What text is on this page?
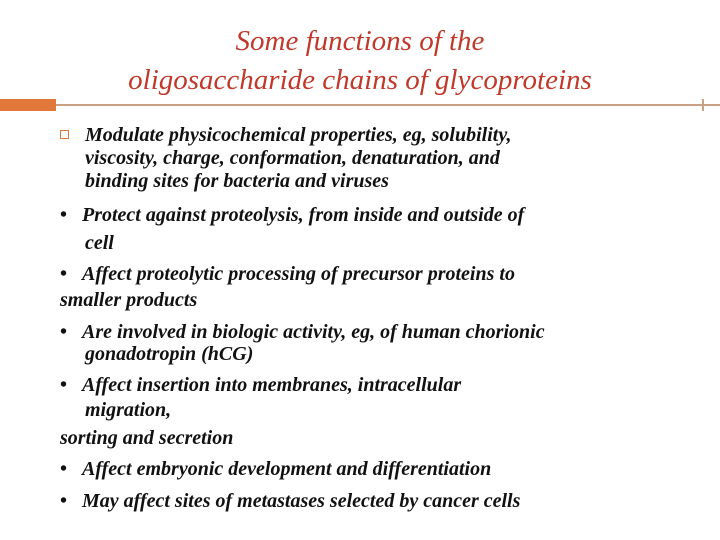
Some functions of the
oligosaccharide chains of glycoproteins
Modulate physicochemical properties, eg, solubility,
viscosity, charge, conformation, denaturation, and
binding sites for bacteria and viruses
• Protect against proteolysis, from inside and outside of
cell
• Affect proteolytic processing of precursor proteins to
smaller products
• Are involved in biologic activity, eg, of human chorionic
gonadotropin (hCG)
• Affect insertion into membranes, intracellular
migration,
sorting and secretion
• Affect embryonic development and differentiation
• May affect sites of metastases selected by cancer cells
